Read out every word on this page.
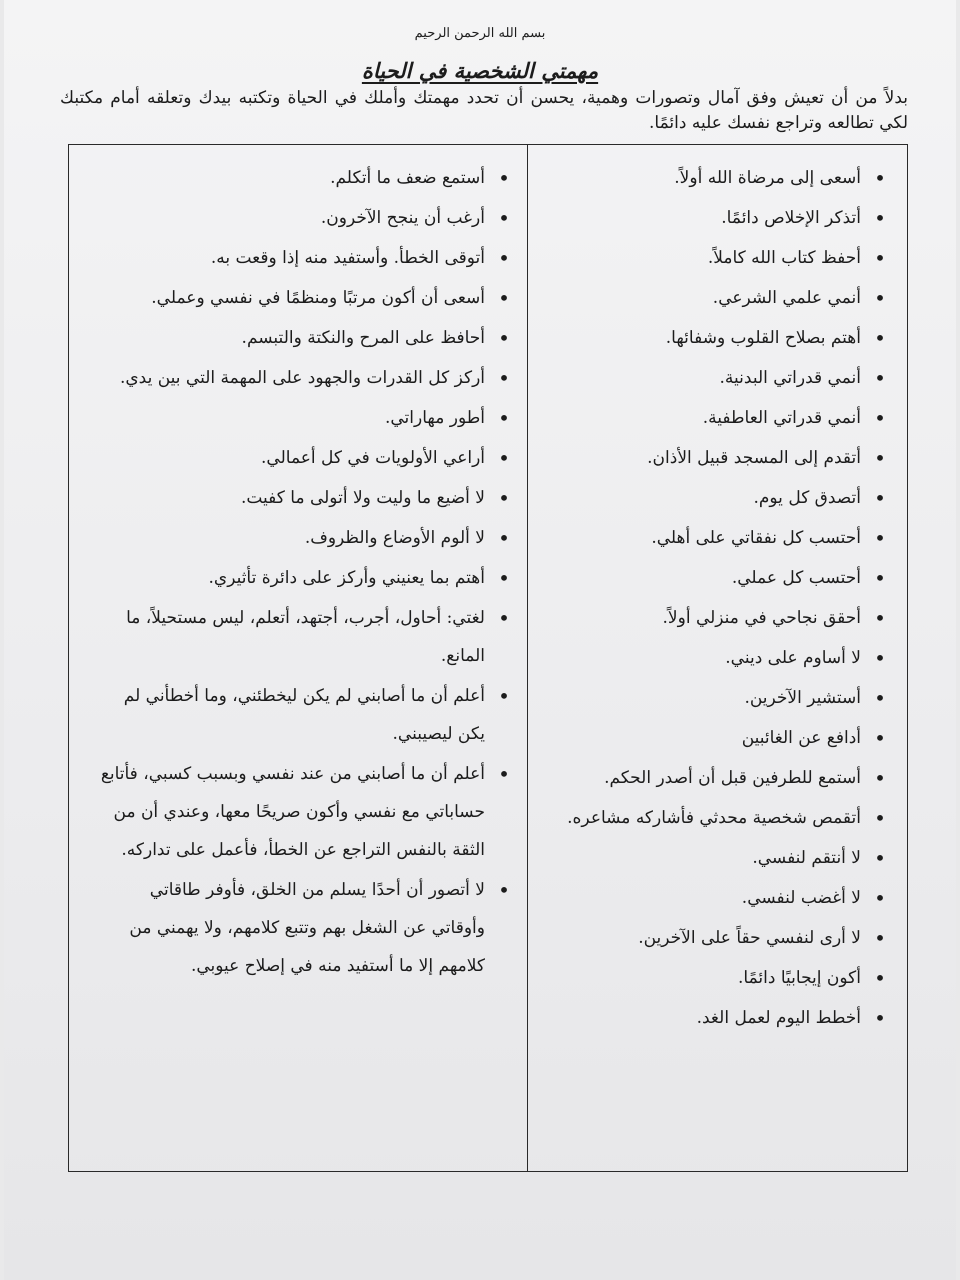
بسم الله الرحمن الرحيم
مهمتي الشخصية في الحياة
بدلاً من أن تعيش وفق آمال وتصورات وهمية، يحسن أن تحدد مهمتك وأملك في الحياة وتكتبه بيدك وتعلقه أمام مكتبك لكي تطالعه وتراجع نفسك عليه دائمًا.
•
أسعى إلى مرضاة الله أولاً.
•
أتذكر الإخلاص دائمًا.
•
أحفظ كتاب الله كاملاً.
•
أنمي علمي الشرعي.
•
أهتم بصلاح القلوب وشفائها.
•
أنمي قدراتي البدنية.
•
أنمي قدراتي العاطفية.
•
أتقدم إلى المسجد قبيل الأذان.
•
أتصدق كل يوم.
•
أحتسب كل نفقاتي على أهلي.
•
أحتسب كل عملي.
•
أحقق نجاحي في منزلي أولاً.
•
لا أساوم على ديني.
•
أستشير الآخرين.
•
أدافع عن الغائبين
•
أستمع للطرفين قبل أن أصدر الحكم.
•
أتقمص شخصية محدثي فأشاركه مشاعره.
•
لا أنتقم لنفسي.
•
لا أغضب لنفسي.
•
لا أرى لنفسي حقاً على الآخرين.
•
أكون إيجابيًا دائمًا.
•
أخطط اليوم لعمل الغد.
•
أستمع ضعف ما أتكلم.
•
أرغب أن ينجح الآخرون.
•
أتوقى الخطأ. وأستفيد منه إذا وقعت به.
•
أسعى أن أكون مرتبًا ومنظمًا في نفسي وعملي.
•
أحافظ على المرح والنكتة والتبسم.
•
أركز كل القدرات والجهود على المهمة التي بين يدي.
•
أطور مهاراتي.
•
أراعي الأولويات في كل أعمالي.
•
لا أضيع ما وليت ولا أتولى ما كفيت.
•
لا ألوم الأوضاع والظروف.
•
أهتم بما يعنيني وأركز على دائرة تأثيري.
•
لغتي: أحاول، أجرب، أجتهد، أتعلم، ليس مستحيلاً، ما المانع.
•
أعلم أن ما أصابني لم يكن ليخطئني، وما أخطأني لم يكن ليصيبني.
•
أعلم أن ما أصابني من عند نفسي وبسبب كسبي، فأتابع حساباتي مع نفسي وأكون صريحًا معها، وعندي أن من الثقة بالنفس التراجع عن الخطأ، فأعمل على تداركه.
•
لا أتصور أن أحدًا يسلم من الخلق، فأوفر طاقاتي وأوقاتي عن الشغل بهم وتتبع كلامهم، ولا يهمني من كلامهم إلا ما أستفيد منه في إصلاح عيوبي.
